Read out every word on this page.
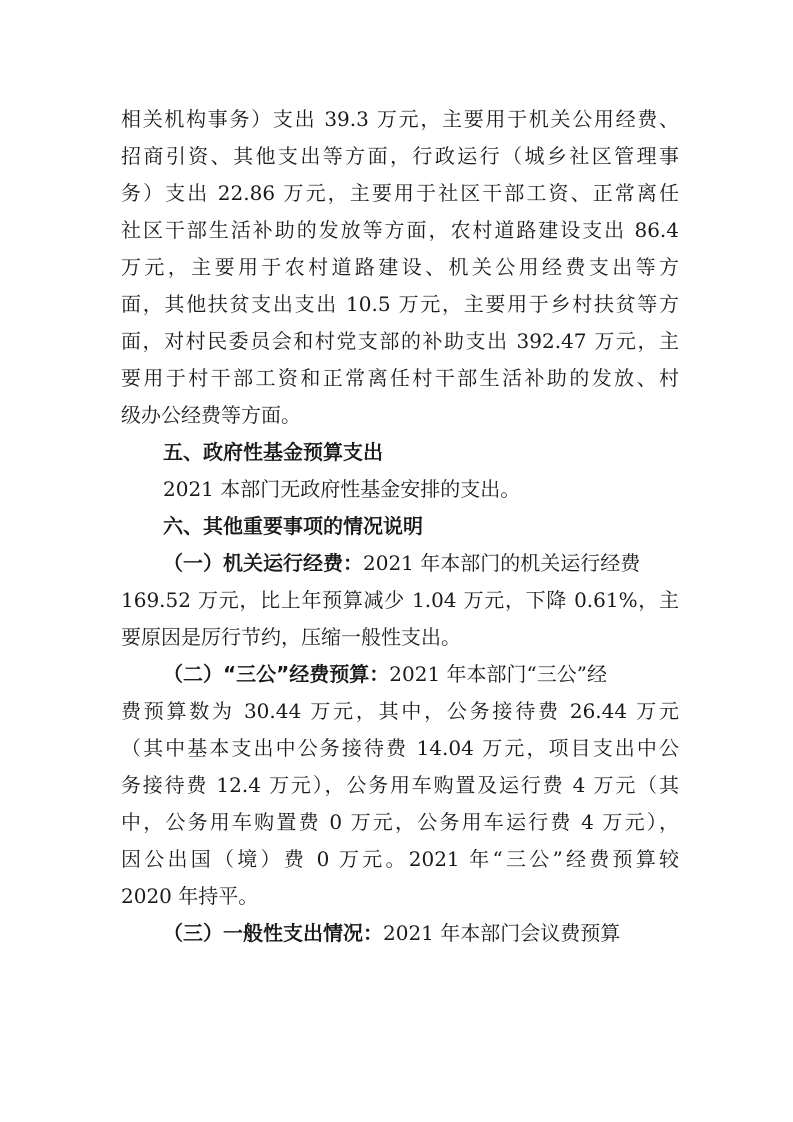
相关机构事务）支出 39.3 万元，主要用于机关公用经费、
招商引资、其他支出等方面，行政运行（城乡社区管理事
务）支出 22.86 万元，主要用于社区干部工资、正常离任
社区干部生活补助的发放等方面，农村道路建设支出 86.4
万元，主要用于农村道路建设、机关公用经费支出等方
面，其他扶贫支出支出 10.5 万元，主要用于乡村扶贫等方
面，对村民委员会和村党支部的补助支出 392.47 万元，主
要用于村干部工资和正常离任村干部生活补助的发放、村
级办公经费等方面。
五、政府性基金预算支出
2021 本部门无政府性基金安排的支出。
六、其他重要事项的情况说明
（一）机关运行经费：2021 年本部门的机关运行经费
169.52 万元，比上年预算减少 1.04 万元，下降 0.61%，主
要原因是厉行节约，压缩一般性支出。
（二）“三公”经费预算：2021 年本部门“三公”经
费预算数为 30.44 万元，其中，公务接待费 26.44 万元
（其中基本支出中公务接待费 14.04 万元，项目支出中公
务接待费 12.4 万元），公务用车购置及运行费 4 万元（其
中，公务用车购置费 0 万元，公务用车运行费 4 万元），
因公出国（境）费 0 万元。2021 年“三公”经费预算较
2020 年持平。
（三）一般性支出情况：2021 年本部门会议费预算
